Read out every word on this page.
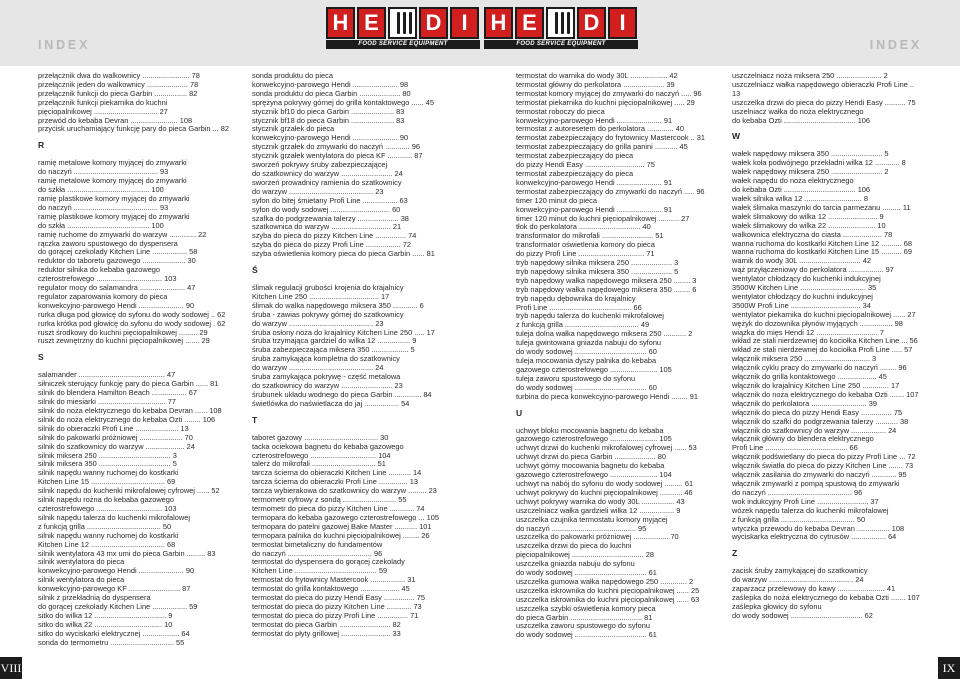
INDEX	INDEX
H E	D I
FOOD SERVICE EQUIPMENT
H E	D I
FOOD SERVICE EQUIPMENT
przełącznik dwa do walkownicy ....................... 78
przełącznik jeden do walkownicy .................... 78
przełącznik funkcji do pieca Garbin ................ 82
przełącznik funkcji piekarnika do kuchni
pięciopalnikowej ............................... 27
przewód do kebaba Devran ....................... 108
przycisk uruchamiający funkcję pary do pieca Garbin ... 82
R
ramię metalowe komory myjącej do zmywarki
do naczyń ......................................... 93
ramię metalowe komory myjącej do zmywarki
do szkła ........................................ 100
ramię plastikowe komory myjącej do zmywarki
do naczyń ......................................... 93
ramię plastikowe komory myjącej do zmywarki
do szkła ........................................ 100
ramię ruchome do zmywarki do warzyw ............. 22
rączka zaworu spustowego do dyspensera
do gorącej czekolady Kitchen Line ................. 58
reduktor do taboretu gazowego ..................... 30
reduktor silnika do kebaba gazowego
czterostrefowego ................................ 103
regulator mocy do salamandra ...................... 47
regulator zaparowania komory do pieca
konwekcyjno-parowego Hendi ...................... 90
rurka długa pod głowicę do syfonu do wody sodowej .. 62
rurka krótka pod głowicę do syfonu do wody sodowej . 62
ruszt środkowy do kuchni pięciopalnikowej ......... 29
ruszt zewnętrzny do kuchni pięciopalnikowej ....... 29
S
salamander .......................................... 47
siłniczek sterujący funkcję pary do pieca Garbin ...... 81
silnik do blendera Hamilton Beach ................. 67
silnik do miesiarki ................................. 77
silnik do noża elektrycznego do kebaba Devran ...... 108
silnik do noża elektrycznego do kebaba Ozti ........ 106
silnik do obieraczki Profi Line ..................... 13
silnik do pakowarki próżniowej ..................... 70
silnik do szatkownicy do warzyw ................... 24
silnik miksera 250 ................................... 3
silnik miksera 350 ................................... 5
silnik napędu wanny ruchomej do kostkarki
Kitchen Line 15 .................................... 69
silnik napędu do kuchenki mikrofalowej cyfrowej ...... 52
silnik napędu rożna do kebaba gazowego
czterostrefowego ................................ 103
silnik napędu talerza do kuchenki mikrofalowej
z funkcją grilla .................................... 50
silnik napędu wanny ruchomej do kostkarki
Kitchen Line 12 .................................... 68
silnik wentylatora 43 mx umi do pieca Garbin ......... 83
silnik wentylatora do pieca
konwekcyjno-parowego Hendi ...................... 90
silnik wentylatora do pieca
konwekcyjno-parowego KF ......................... 87
silnik z przekładnią do dyspensera
do gorącej czekolady Kitchen Line ................. 59
sitko do wilka 12 ................................... 9
sitko do wilka 22 ................................. 10
sitko do wyciskarki elektrycznej .................. 64
sonda do termometru ............................... 55
sonda produktu do pieca
konwekcyjno-parowego Hendi ...................... 98
sonda produktu do pieca Garbin .................... 80
sprężyna pokrywy górnej do grilla kontaktowego ...... 45
stycznik bf10 do pieca Garbin ..................... 83
stycznik bf18 do pieca Garbin ..................... 83
stycznik grzałek do pieca
konwekcyjno-parowego Hendi ...................... 90
stycznik grzałek do zmywarki do naczyń ............ 96
stycznik grzałek wentylatora do pieca KF ............ 87
sworzeń pokrywy śruby zabezpieczającej
do szatkownicy do warzyw ......................... 24
sworzeń prowadnicy ramienia do szatkownicy
do warzyw ......................................... 23
syfon do bitej śmietany Profi Line ................. 63
syfon do wody sodowej ............................. 60
szafka do podgrzewania talerzy .................... 38
szatkownica do warzyw ............................. 21
szyba do pieca do pizzy Kitchen Line ............... 74
szyba do pieca do pizzy Profi Line ................. 72
szyba oświetlenia komory pieca do pieca Garbin ...... 81
Ś
ślimak regulacji grubości krojenia do krajalnicy
Kitchen Line 250 .................................. 17
ślimak do walka napędowego miksera 350 ............ 6
śruba - zawias pokrywy górnej do szatkownicy
do warzyw ......................................... 23
śruba osłony noża do krajalnicy Kitchen Line 250 ..... 17
śruba trzymająca gardziel do wilka 12 ................ 9
śruba zabezpieczająca miksera 350 .................. 5
śruba zamykająca kompletna do szatkownicy
do warzyw ......................................... 24
śruba zamykająca pokrywę - część metalowa
do szatkownicy do warzyw ......................... 23
śrubunek układu wodnego do pieca Garbin ............. 84
świetlówka do naświetlacza do jaj ................. 54
T
taboret gazowy .................................... 30
tacka ociekowa bagnetu do kebaba gazowego
czterostrefowego ................................ 104
talerz do mikrofali ............................... 51
tarcza ścierna do obieraczki Kitchen Line ........... 14
tarcza ścierna do obieraczki Profi Line .............. 13
tarcza wybierakowa do szatkownicy do warzyw ......... 23
termometr cyfrowy z sondą .......................... 55
termometr do pieca do pizzy Kitchen Line ............ 74
termopara do kebaba gazowego czterostrefowego ... 105
termopara do patelni gazowej Bake Master ........... 101
termopara palnika do kuchni pięciopalnikowej ........ 26
termostat bimetaliczny do fundamentów
do naczyń ......................................... 96
termostat do dyspensera do gorącej czekolady
Kitchen Line ........................................ 59
termostat do frytownicy Mastercook ................. 31
termostat do grilla kontaktowego ................... 45
termostat do pieca do pizzy Hendi Easy ............... 75
termostat do pieca do pizzy Kitchen Line ............ 73
termostat do pieca do pizzy Profi Line ............... 71
termostat do pieca Garbin ......................... 82
termostat do płyty grillowej ........................ 33
termostat do warnika do wody 30L .................. 42
termostat główny do perkolatora .................... 39
termostat komory myjącej do zmywarki do naczyń ..... 96
termostat piekarnika do kuchni pięciopalnikowej ..... 29
termostat roboczy do pieca
konwekcyjno-parowego Hendi ...................... 91
termostat z autoresetem do perkolatora ............. 40
termostat zabezpieczający do frytownicy Mastercook .. 31
termostat zabezpieczający do grilla panini ........... 45
termostat zabezpieczający do pieca
do pizzy Hendi Easy ............................. 75
termostat zabezpieczający do pieca
konwekcyjno-parowego Hendi ...................... 91
termostat zabezpieczający do zmywarki do naczyń ..... 96
timer 120 minut do pieca
konwekcyjno-parowego Hendi ...................... 91
timer 120 minut do kuchni pięciopalnikowej .......... 27
tłok do perkolatora .............................. 40
transformator do mikrofali ......................... 51
transformator oświetlenia komory do pieca
do pizzy Profi Line ................................ 71
tryb napędowy silnika miksera 250 .................... 3
tryb napędowy silnika miksera 350 .................... 5
tryb napędowy wałka napędowego miksera 250 ........ 3
tryb napędowy wałka napędowego miksera 350 ........ 6
tryb napędu dębownika do krajalnicy
Profi Line ........................................ 66
tryb napędu talerza do kuchenki mikrofalowej
z funkcją grilla .................................... 49
tuleja dolna wałka napędowego miksera 250 ........... 2
tuleja gwintowana gniazda nabuju do syfonu
do wody sodowej ................................... 60
tuleja mocowania dyszy palnika do kebaba
gazowego czterostrefowego ....................... 105
tuleja zaworu spustowego do syfonu
do wody sodowej ................................... 60
turbina do pieca konwekcyjno-parowego Hendi ........ 91
U
uchwyt bloku mocowania bagnetu do kebaba
gazowego czterostrefowego ....................... 105
uchwyt drzwi do kuchenki mikrofalowej cyfrowej ...... 53
uchwyt drzwi do pieca Garbin .................... 80
uchwyt górny mocowania bagnetu do kebaba
gazowego czterostrefowego ....................... 104
uchwyt na nabój do syfonu do wody sodowej ......... 61
uchwyt pokrywy do kuchni pięciopalnikowej ........... 46
uchwyt pokrywy warnika do wody 30L ................ 43
uszczelniacz wałka gardzieli wilka 12 ................. 9
uszczelka czujnika termostatu komory myjącej
do naczyń ......................................... 95
uszczelka do pakowarki próżniowej ................. 70
uszczelka drzwi do pieca do kuchni
pięciopalnikowej ................................... 28
uszczelka gniazda nabuju do syfonu
do wody sodowej ................................... 61
uszczelka gumowa wałka napędowego 250 ............. 2
uszczelka iskrownika do kuchni pięciopalnikowej ...... 25
uszczelka iskrownika do kuchni pięciopalnikowej ...... 63
uszczelka szybki oświetlenia komory pieca
do pieca Garbin ................................... 81
uszczelka zaworu spustowego do syfonu
do wody sodowej ................................... 61
uszczelniacz noża miksera 250 ...................... 2
uszczelniacz wałka napędowego obieraczki Profi Line .. 13
uszczelka drzwi do pieca do pizzy Hendi Easy .......... 75
uszelniacz wałka do noża elektrycznego
do kebaba Ozti ................................... 106
W
wałek napędowy miksera 350 ......................... 5
wałek koła podwójnego przekładni wilka 12 ............ 8
wałek napędowy miksera 250 ......................... 2
wałek napędu do noża elektrycznego
do kebaba Ozti ................................... 106
wałek silnika wilka 12 ............................ 8
wałek ślimaka maszynki do tarcia parmezanu ......... 11
wałek ślimakowy do wilka 12 ........................ 9
wałek ślimakowy do wilka 22 ....................... 10
walkownica elektryczna do ciasta ................... 78
wanna ruchoma do kostkarki Kitchen Line 12 .......... 68
wanna ruchoma do kostkarki Kitchen Line 15 .......... 69
warnik do wody 30L .............................. 42
wąż przyłączeniowy do perkolatora ................. 97
wentylator chłodzący do kuchenki indukcyjnej
3500W Kitchen Line ................................ 35
wentylator chłodzący do kuchni indukcyjnej
3500W Profi Line .................................. 34
wentylator piekarnika do kuchni pięciopalnikowej ...... 27
wężyk do dozownika płynów myjących ................ 98
wiązka do mięs Hendi 12 .............................. 7
wkład ze stali nierdzewnej do kociołka Kitchen Line ... 56
wkład ze stali nierdzewnej do kociołka Profi Line ..... 57
włącznik miksera 250 ................................ 3
włącznik cyklu pracy do zmywarki do naczyń ........ 96
włącznik do grilla kontaktowego ................... 45
włącznik do krajalnicy Kitchen Line 250 ............. 17
włącznik do noża elektrycznego do kebaba Ozti ....... 107
włącznik do perkolatora ........................... 39
włącznik do pieca do pizzy Hendi Easy ............... 75
włącznik do szafki do podgrzewania talerzy ........... 38
włącznik do szatkownicy do warzyw ................. 24
włącznik główny do blendera elektrycznego
Profi Line ........................................ 66
włącznik podświetlany do pieca do pizzy Profi Line ... 72
włącznik światła do pieca do pizzy Kitchen Line ....... 73
włącznik zasilania do zmywarki do naczyń ............ 95
włącznik zmywarki z pompą spustową do zmywarki
do naczyń ......................................... 96
wok indukcyjny Profi Line ......................... 37
wózek napędu talerza do kuchenki mikrofalowej
z funkcją grilla .................................... 50
wtyczka przewodu do kebaba Devran ................ 108
wyciskarka elektryczna do cytrusów ................. 64
Z
zacisk śruby zamykającej do szatkownicy
do warzyw ......................................... 24
zaparzacz przelewowy do kawy ....................... 41
zaślepka do noża elektrycznego do kebaba Ozti ....... 107
zaślepka głowicy do syfonu
do wody sodowej ................................... 62
VIII	IX
